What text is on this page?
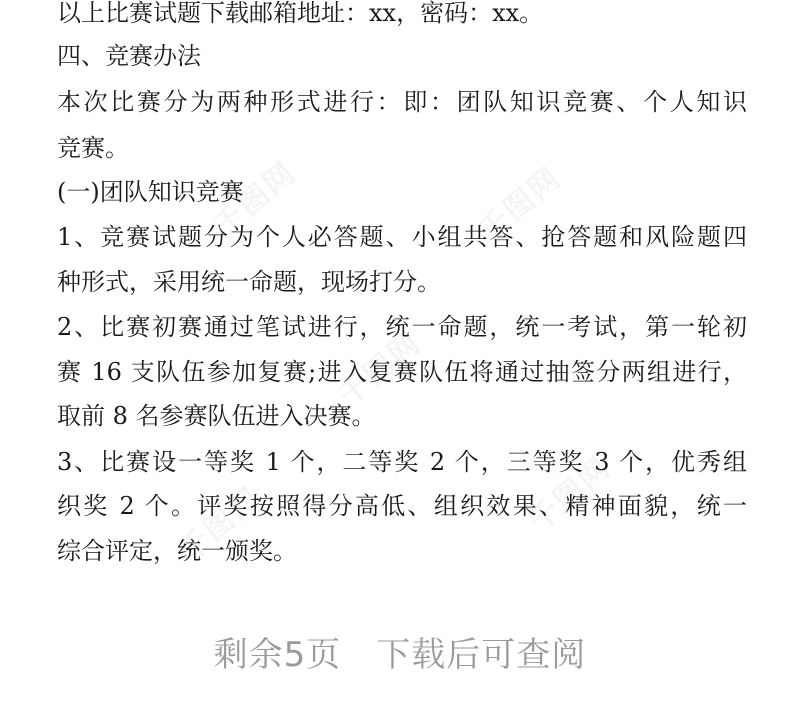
以上比赛试题下载邮箱地址：xx，密码：xx。
四、竞赛办法
本次比赛分为两种形式进行：即：团队知识竞赛、个人知识
竞赛。
(一)团队知识竞赛
1、竞赛试题分为个人必答题、小组共答、抢答题和风险题四
种形式，采用统一命题，现场打分。
2、比赛初赛通过笔试进行，统一命题，统一考试，第一轮初
赛 16 支队伍参加复赛;进入复赛队伍将通过抽签分两组进行，
取前 8 名参赛队伍进入决赛。
3、比赛设一等奖 1 个，二等奖 2 个，三等奖 3 个，优秀组
织奖 2 个。评奖按照得分高低、组织效果、精神面貌，统一
综合评定，统一颁奖。
剩余5页　下载后可查阅
